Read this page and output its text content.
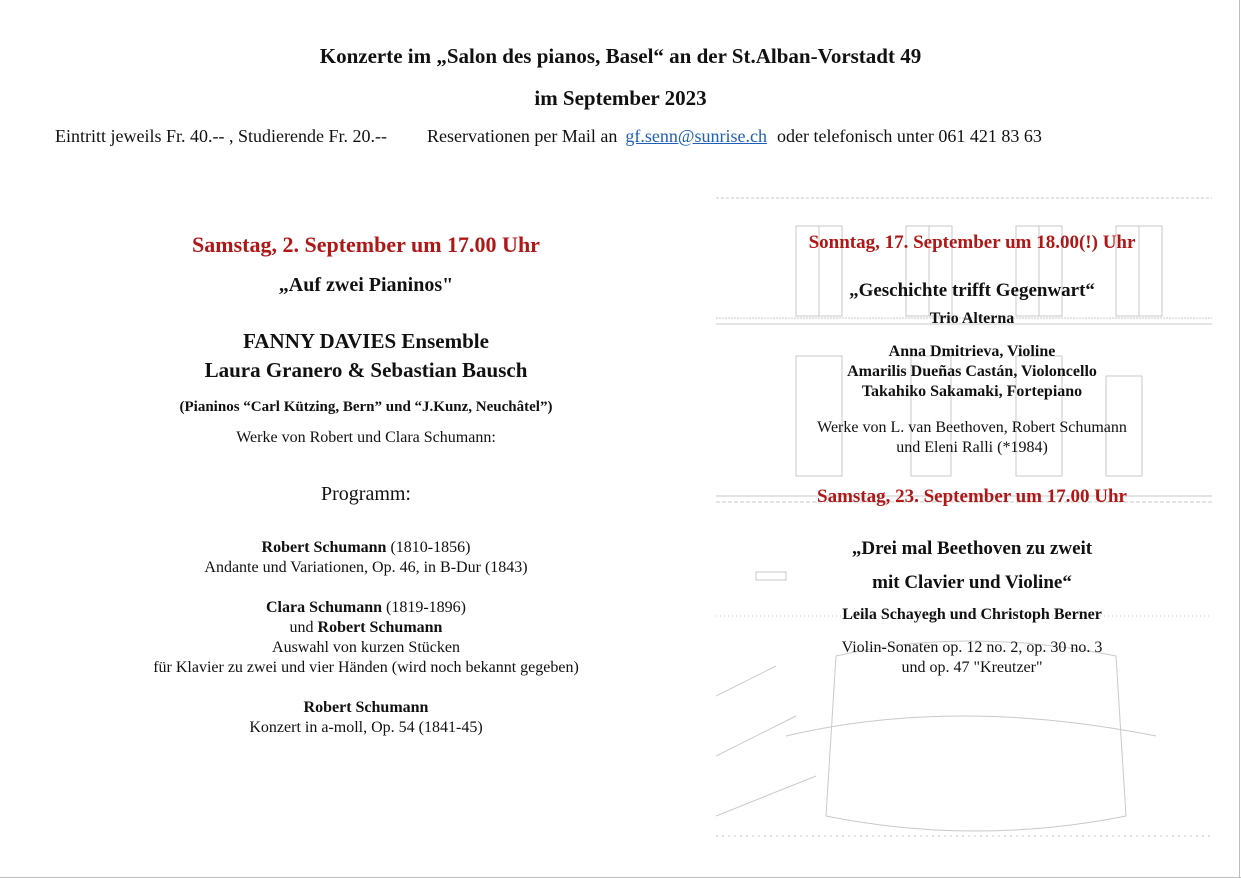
Konzerte im „Salon des pianos, Basel“ an der St.Alban-Vorstadt 49
im September 2023
Eintritt jeweils Fr. 40.-- , Studierende Fr. 20.-- Reservationen per Mail an gf.senn@sunrise.ch oder telefonisch unter 061 421 83 63
Samstag, 2. September um 17.00 Uhr
„Auf zwei Pianinos"
FANNY DAVIES Ensemble
Laura Granero & Sebastian Bausch
(Pianinos “Carl Kützing, Bern” und “J.Kunz, Neuchâtel”)
Werke von Robert und Clara Schumann:
Programm:
Robert Schumann (1810-1856)
Andante und Variationen, Op. 46, in B-Dur (1843)
Clara Schumann (1819-1896)
und Robert Schumann
Auswahl von kurzen Stücken
für Klavier zu zwei und vier Händen (wird noch bekannt gegeben)
Robert Schumann
Konzert in a-moll, Op. 54 (1841-45)
Sonntag, 17. September um 18.00(!) Uhr
„Geschichte trifft Gegenwart“
Trio Alterna
Anna Dmitrieva, Violine
Amarilis Dueñas Castán, Violoncello
Takahiko Sakamaki, Fortepiano
Werke von L. van Beethoven, Robert Schumann
und Eleni Ralli (*1984)
Samstag, 23. September um 17.00 Uhr
„Drei mal Beethoven zu zweit
mit Clavier und Violine“
Leila Schayegh und Christoph Berner
Violin-Sonaten op. 12 no. 2, op. 30 no. 3
und op. 47 "Kreutzer"
